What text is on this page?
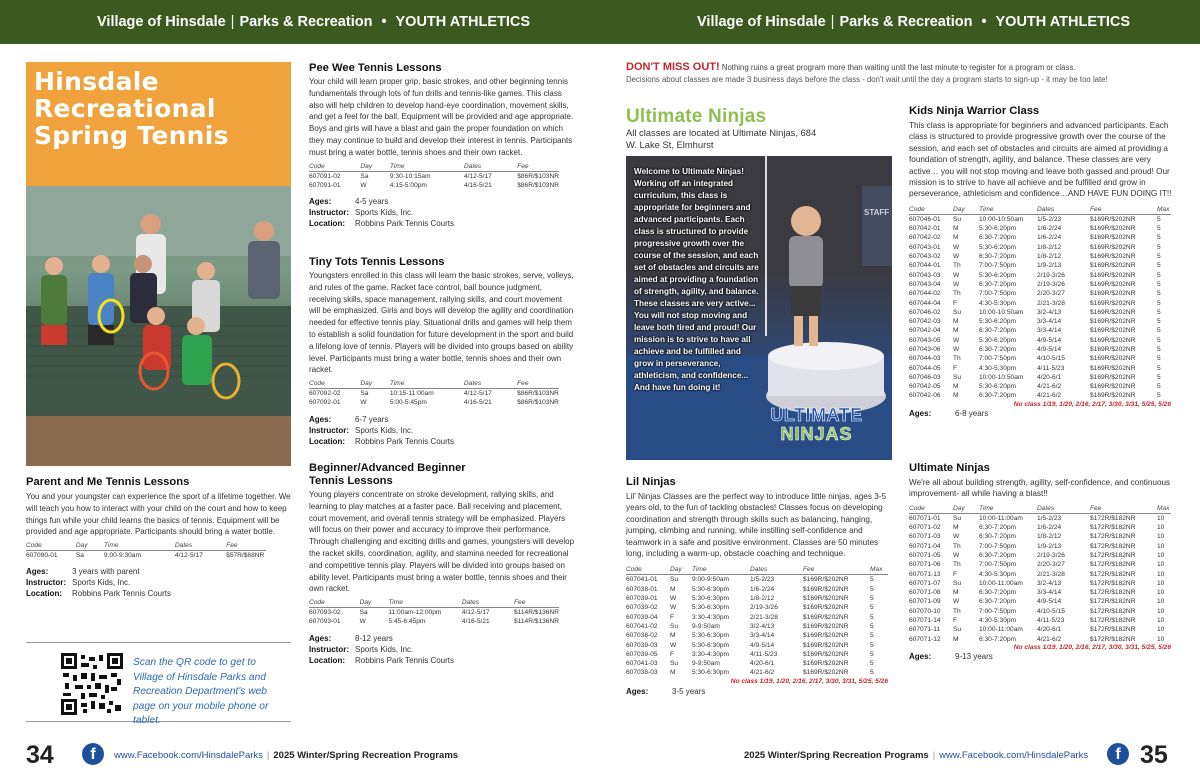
Village of Hinsdale | Parks & Recreation • YOUTH ATHLETICS
Hinsdale
Recreational
Spring Tennis
Parent and Me Tennis Lessons

You and your youngster can experience the sport of a lifetime together. We will teach you how to interact with your child on the court and how to keep things fun while your child learns the basics of tennis. Equipment will be provided and age appropriate. Participants should bring a water bottle.

Code	Day	Time	Dates	Fee
607090-01	Sa	9:00-9:30am	4/12-5/17	$57R/$68NR
Ages:	3 years with parent
Instructor: Sports Kids, Inc.
Location: Robbins Park Tennis Courts

Scan the QR code to get to Village of Hinsdale Parks and Recreation Department's web page on your mobile phone or tablet.

Pee Wee Tennis Lessons

Your child will learn proper grip, basic strokes, and other beginning tennis fundamentals through lots of fun drills and tennis-like games. This class also will help children to develop hand-eye coordination, movement skills, and get a feel for the ball. Equipment will be provided and age appropriate. Boys and girls will have a blast and gain the proper foundation on which they may continue to build and develop their interest in tennis. Participants must bring a water bottle, tennis shoes and their own racket.

Code	Day	Time	Dates	Fee
607091-02	Sa	9:30-10:15am	4/12-5/17	$86R/$103NR
607091-01	W	4:15-5:00pm	4/16-5/21	$86R/$103NR
Ages:	4-5 years
Instructor: Sports Kids, Inc.
Location: Robbins Park Tennis Courts
Tiny Tots Tennis Lessons

Youngsters enrolled in this class will learn the basic strokes, serve, volleys, and rules of the game. Racket face control, ball bounce judgment, receiving skills, space management, rallying skills, and court movement will be emphasized. Girls and boys will develop the agility and coordination needed for effective tennis play. Situational drills and games will help them to establish a solid foundation for future development in the sport and build a lifelong love of tennis. Players will be divided into groups based on ability level. Participants must bring a water bottle, tennis shoes and their own racket.

Code	Day	Time	Dates	Fee
607092-02	Sa	10:15-11:00am	4/12-5/17	$86R/$103NR
607092-01	W	5:00-5:45pm	4/16-5/21	$86R/$103NR
Ages:	6-7 years
Instructor: Sports Kids, Inc.
Location: Robbins Park Tennis Courts
Beginner/Advanced Beginner Tennis Lessons

Young players concentrate on stroke development, rallying skills, and learning to play matches at a faster pace. Ball receiving and placement, court movement, and overall tennis strategy will be emphasized. Players will focus on their power and accuracy to improve their performance. Through challenging and exciting drills and games, youngsters will develop the racket skills, coordination, agility, and stamina needed for recreational and competitive tennis play. Players will be divided into groups based on ability level. Participants must bring a water bottle, tennis shoes and their own racket.

Code	Day	Time	Dates	Fee
607093-02	Sa	11:00am-12:00pm	4/12-5/17	$114R/$136NR
607093-01	W	5:45-6:45pm	4/16-5/21	$114R/$136NR
Ages:	8-12 years
Instructor: Sports Kids, Inc.
Location: Robbins Park Tennis Courts
34	f	www.Facebook.com/HinsdaleParks | 2025 Winter/Spring Recreation Programs
Village of Hinsdale | Parks & Recreation • YOUTH ATHLETICS
DON'T MISS OUT! Nothing ruins a great program more than waiting until the last minute to register for a program or class.
Decisions about classes are made 3 business days before the class - don't wait until the day a program starts to sign-up - it may be too late!
Ultimate Ninjas
All classes are located at Ultimate Ninjas, 684 W. Lake St, Elmhurst
STAFF

Welcome to Ultimate Ninjas! Working off an integrated curriculum, this class is appropriate for beginners and advanced participants. Each class is structured to provide progressive growth over the course of the session, and each set of obstacles and circuits are aimed at providing a foundation of strength, agility, and balance. These classes are very active... You will not stop moving and leave both tired and proud! Our mission is to strive to have all achieve and be fulfilled and grow in perseverance, athleticism, and confidence... And have fun doing it!

ULTIMATE
NINJAS
Lil Ninjas

Lil' Ninjas Classes are the perfect way to introduce little ninjas, ages 3-5 years old, to the fun of tackling obstacles! Classes focus on developing coordination and strength through skills such as balancing, hanging, jumping, climbing and running, while instilling self-confidence and teamwork in a safe and positive environment. Classes are 50 minutes long, including a warm-up, obstacle coaching and technique.

Code	Day	Time	Dates	Fee	Max
607041-01	Su	9:00-9:50am	1/5-2/23	$169R/$202NR	5
607038-01	M	5:30-6:30pm	1/6-2/24	$169R/$202NR	5
607039-01	W	5:30-6:30pm	1/8-2/12	$169R/$202NR	5
607039-02	W	5:30-6:30pm	2/19-3/26	$169R/$202NR	5
607039-04	F	3:30-4:30pm	2/21-3/28	$169R/$202NR	5
607041-02	Su	9-9:50am	3/2-4/13	$169R/$202NR	5
607038-02	M	5:30-6:30pm	3/3-4/14	$169R/$202NR	5
607039-03	W	5:30-6:30pm	4/9-5/14	$169R/$202NR	5
607039-05	F	3:30-4:30pm	4/11-5/23	$169R/$202NR	5
607041-03	Su	9-9:50am	4/20-6/1	$169R/$202NR	5
607038-03	M	5:30-6:30pm	4/21-6/2	$169R/$202NR	5
No class 1/19, 1/20, 2/16, 2/17, 3/30, 3/31, 5/25, 5/26
Ages:	3-5 years
Kids Ninja Warrior Class

This class is appropriate for beginners and advanced participants. Each class is structured to provide progressive growth over the course of the session, and each set of obstacles and circuits are aimed at providing a foundation of strength, agility, and balance. These classes are very active… you will not stop moving and leave both gassed and proud! Our mission is to strive to have all achieve and be fulfilled and grow in perseverance, athleticism and confidence…AND HAVE FUN DOING IT!!

Code	Day	Time	Dates	Fee	Max
607046-01	Su	10:00-10:50am	1/5-2/23	$169R/$202NR	5
607042-01	M	5:30-6:20pm	1/6-2/24	$169R/$202NR	5
607042-02	M	6:30-7:20pm	1/6-2/24	$169R/$202NR	5
607043-01	W	5:30-6:20pm	1/8-2/12	$169R/$202NR	5
607043-02	W	6:30-7:20pm	1/8-2/12	$169R/$202NR	5
607044-01	Th	7:00-7:50pm	1/9-2/13	$169R/$202NR	5
607043-03	W	5:30-6:20pm	2/19-3/26	$169R/$202NR	5
607043-04	W	6:30-7:20pm	2/19-3/26	$169R/$202NR	5
607044-02	Th	7:00-7:50pm	2/20-3/27	$169R/$202NR	5
607044-04	F	4:30-5:30pm	2/21-3/28	$169R/$202NR	5
607046-02	Su	10:00-10:50am	3/2-4/13	$169R/$202NR	5
607042-03	M	5:30-6:20pm	3/3-4/14	$169R/$202NR	5
607042-04	M	6:30-7:20pm	3/3-4/14	$169R/$202NR	5
607043-05	W	5:30-6:20pm	4/9-5/14	$169R/$202NR	5
607043-06	W	6:30-7:20pm	4/9-5/14	$169R/$202NR	5
607044-03	Th	7:00-7:50pm	4/10-5/15	$169R/$202NR	5
607044-05	F	4:30-5:30pm	4/11-5/23	$169R/$202NR	5
607046-03	Su	10:00-10:50am	4/20-6/1	$169R/$202NR	5
607042-05	M	5:30-6:20pm	4/21-6/2	$169R/$202NR	5
607042-06	M	6:30-7:20pm	4/21-6/2	$169R/$202NR	5
No class 1/19, 1/20, 2/16, 2/17, 3/30, 3/31, 5/25, 5/26
Ages:	6-8 years
Ultimate Ninjas

We're all about building strength, agility, self-confidence, and continuous improvement- all while having a blast!!

Code	Day	Time	Dates	Fee	Max
607071-01	Su	10:00-11:00am	1/5-2/23	$172R/$182NR	10
607071-02	M	6:30-7:20pm	1/6-2/24	$172R/$182NR	10
607071-03	W	6:30-7:20pm	1/8-2/12	$172R/$182NR	10
607071-04	Th	7:00-7:50pm	1/9-2/13	$172R/$182NR	10
607071-05	W	6:30-7:20pm	2/19-3/26	$172R/$182NR	10
607071-06	Th	7:00-7:50pm	2/20-3/27	$172R/$182NR	10
607071-13	F	4:30-5:30pm	2/21-3/28	$172R/$182NR	10
607071-07	Su	10:00-11:00am	3/2-4/13	$172R/$182NR	10
607071-08	M	6:30-7:20pm	3/3-4/14	$172R/$182NR	10
607071-09	W	6:30-7:20pm	4/9-5/14	$172R/$182NR	10
607070-10	Th	7:00-7:50pm	4/10-5/15	$172R/$182NR	10
607071-14	F	4:30-5:30pm	4/11-5/23	$172R/$182NR	10
607071-11	Su	10:00-11:00am	4/20-6/1	$172R/$182NR	10
607071-12	M	6:30-7:20pm	4/21-6/2	$172R/$182NR	10
No class 1/19, 1/20, 2/16, 2/17, 3/30, 3/31, 5/25, 5/26
Ages:	9-13 years
2025 Winter/Spring Recreation Programs | www.Facebook.com/HinsdaleParks	f 35
